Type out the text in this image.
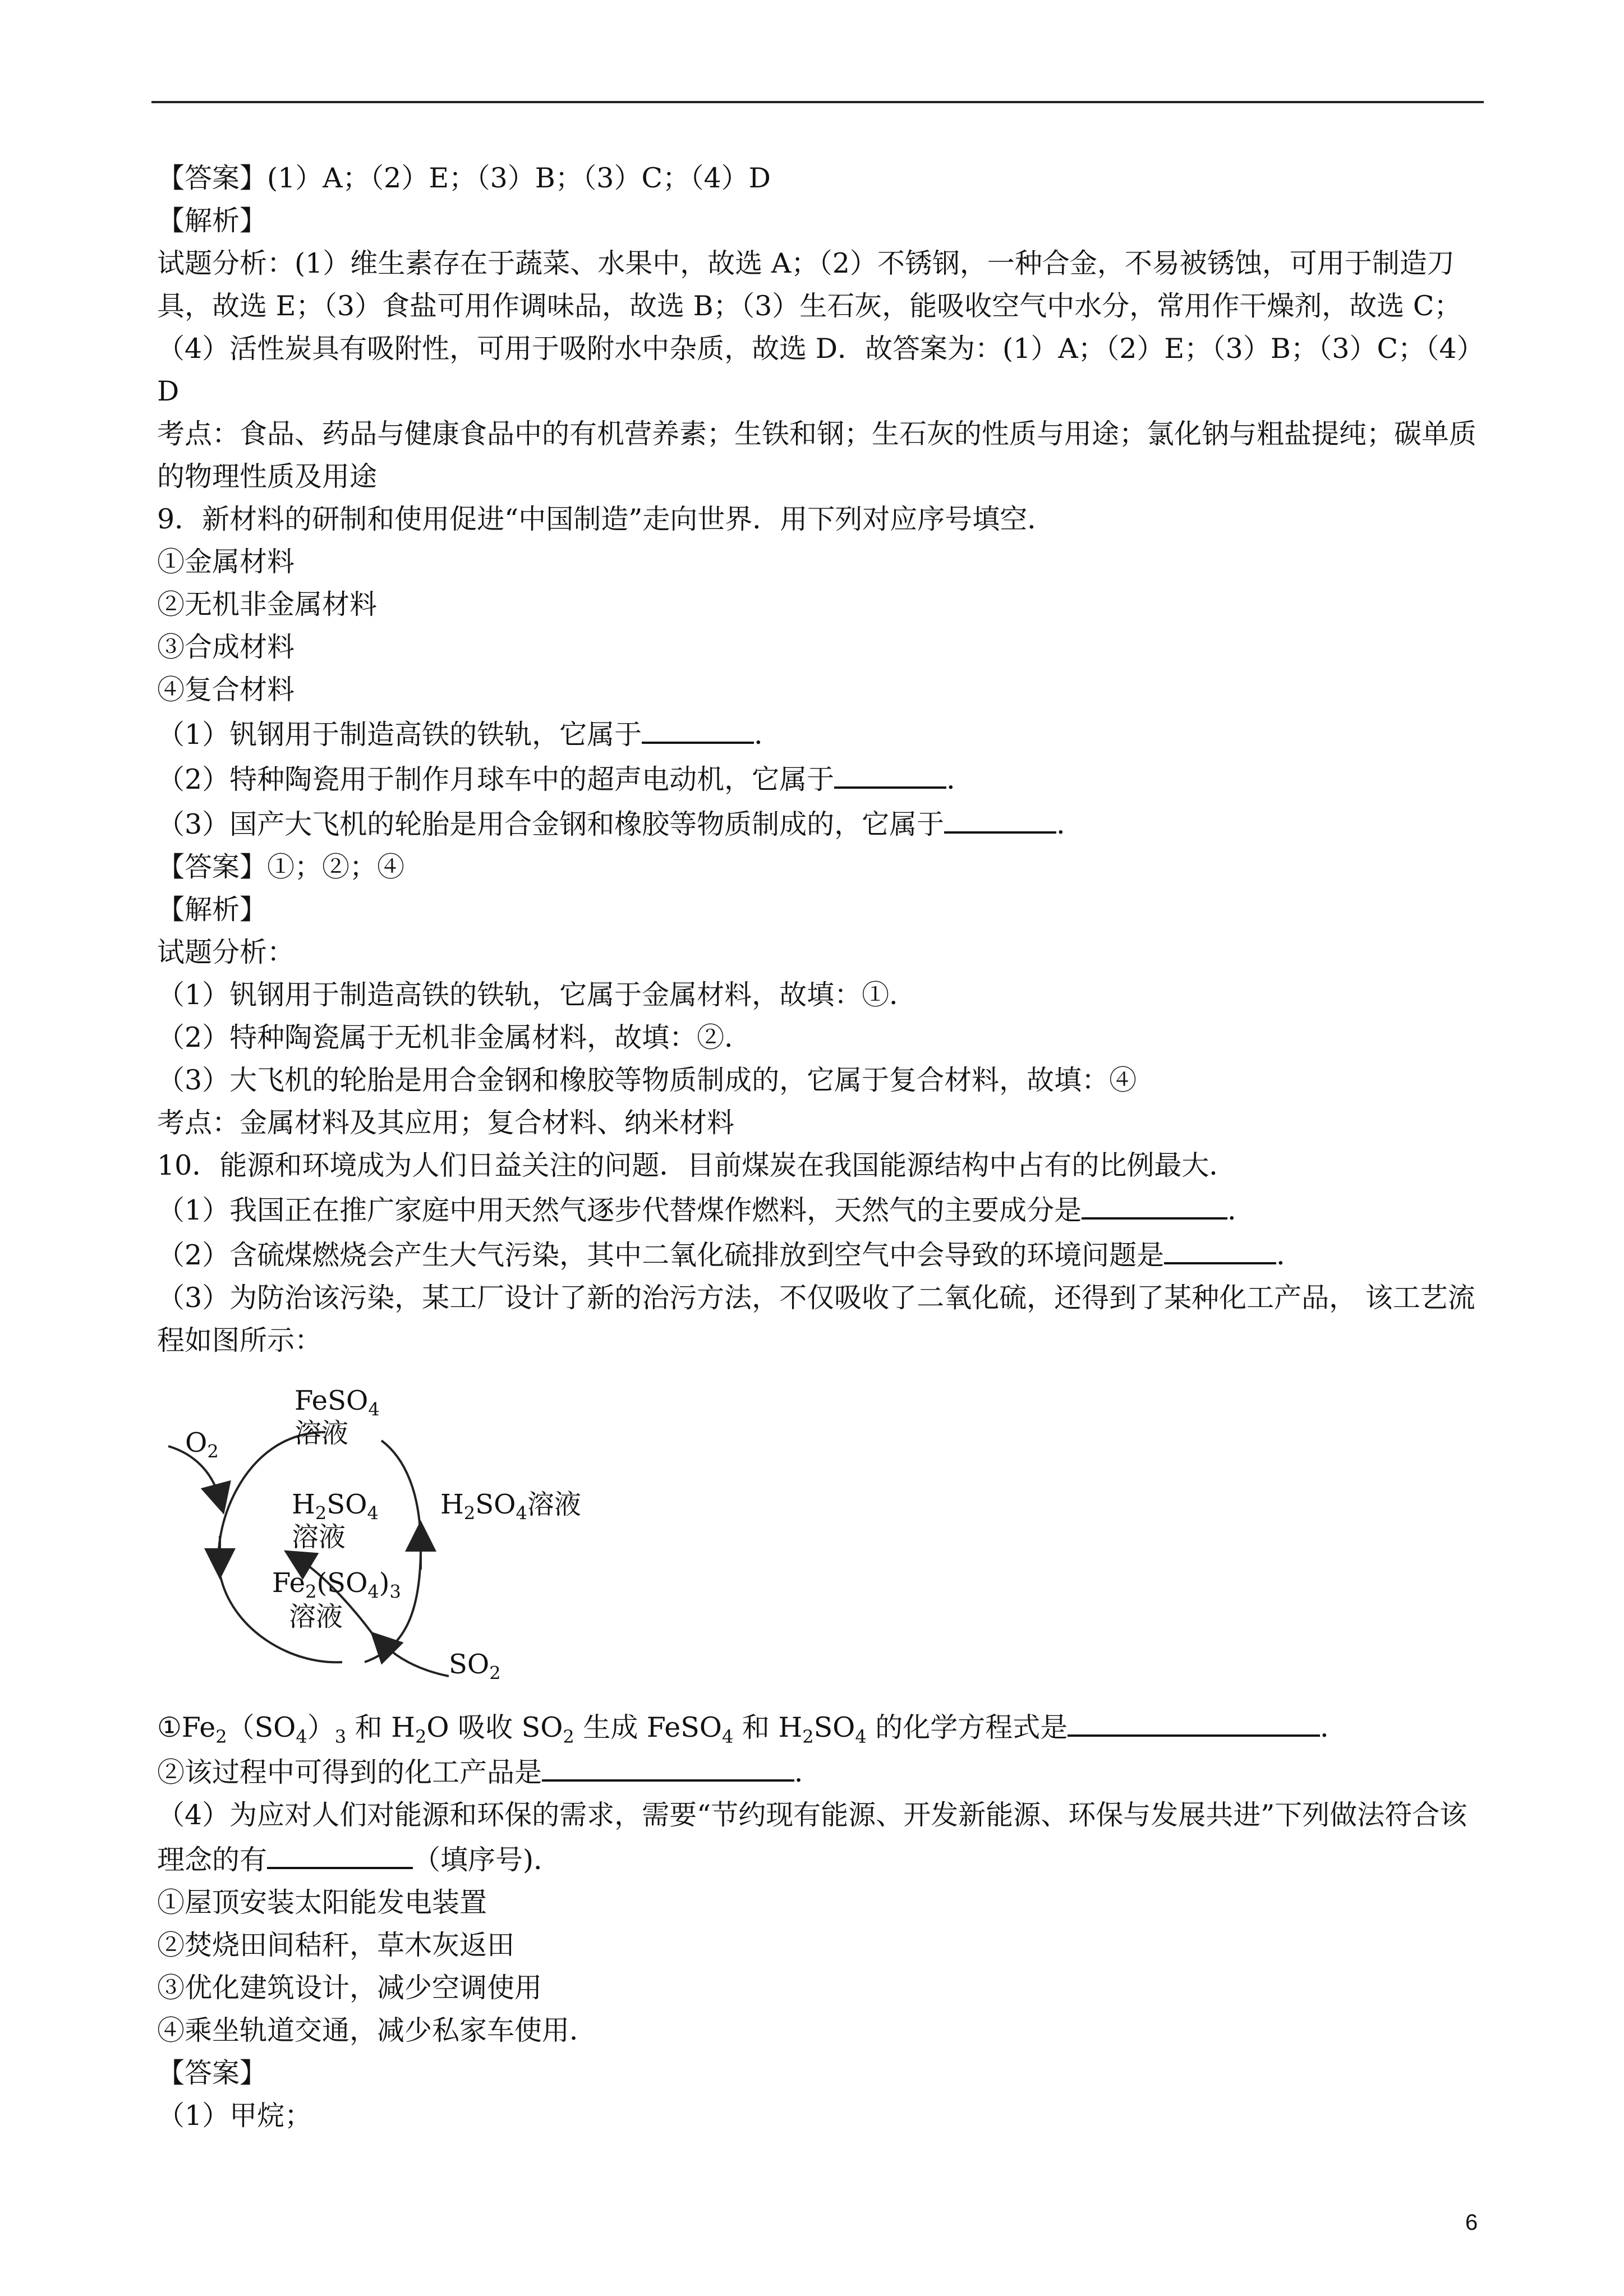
【答案】(1）A；（2）E；（3）B；（3）C；（4）D
【解析】
试题分析：(1）维生素存在于蔬菜、水果中，故选 A；（2）不锈钢，一种合金，不易被锈蚀，可用于制造刀具，故选 E；（3）食盐可用作调味品，故选 B；（3）生石灰，能吸收空气中水分，常用作干燥剂，故选 C；（4）活性炭具有吸附性，可用于吸附水中杂质，故选 D．故答案为：(1）A；（2）E；（3）B；（3）C；（4）D
考点：食品、药品与健康食品中的有机营养素；生铁和钢；生石灰的性质与用途；氯化钠与粗盐提纯；碳单质的物理性质及用途
9．新材料的研制和使用促进“中国制造”走向世界．用下列对应序号填空．
①金属材料
②无机非金属材料
③合成材料
④复合材料
（1）钒钢用于制造高铁的铁轨，它属于	．
（2）特种陶瓷用于制作月球车中的超声电动机，它属于	．
（3）国产大飞机的轮胎是用合金钢和橡胶等物质制成的，它属于	．
【答案】①；②；④
【解析】
试题分析：
（1）钒钢用于制造高铁的铁轨，它属于金属材料，故填：①．
（2）特种陶瓷属于无机非金属材料，故填：②．
（3）大飞机的轮胎是用合金钢和橡胶等物质制成的，它属于复合材料，故填：④
考点：金属材料及其应用；复合材料、纳米材料
10．能源和环境成为人们日益关注的问题．目前煤炭在我国能源结构中占有的比例最大．
（1）我国正在推广家庭中用天然气逐步代替煤作燃料，天然气的主要成分是	．
（2）含硫煤燃烧会产生大气污染，其中二氧化硫排放到空气中会导致的环境问题是	．
（3）为防治该污染，某工厂设计了新的治污方法，不仅吸收了二氧化硫，还得到了某种化工产品， 该工艺流程如图所示：
FeSO$_4$
溶液
$O_2$
$H_2SO_4$
溶液
$H_2SO_4$溶液
$Fe_2(SO_4)_3$
溶液
$SO_2$
$①Fe_2(SO_4)_3$ 和 $H_2O$ 吸收 $SO_2$ 生成 FeSO$_4$ 和 $H_2SO_4$ 的化学方程式是	．
②该过程中可得到的化工产品是	．
（4）为应对人们对能源和环保的需求，需要“节约现有能源、开发新能源、环保与发展共进”下列做法符合该理念的有	（填序号)．
①屋顶安装太阳能发电装置
②焚烧田间秸秆，草木灰返田
③优化建筑设计，减少空调使用
④乘坐轨道交通，减少私家车使用．
【答案】
（1）甲烷；
6
